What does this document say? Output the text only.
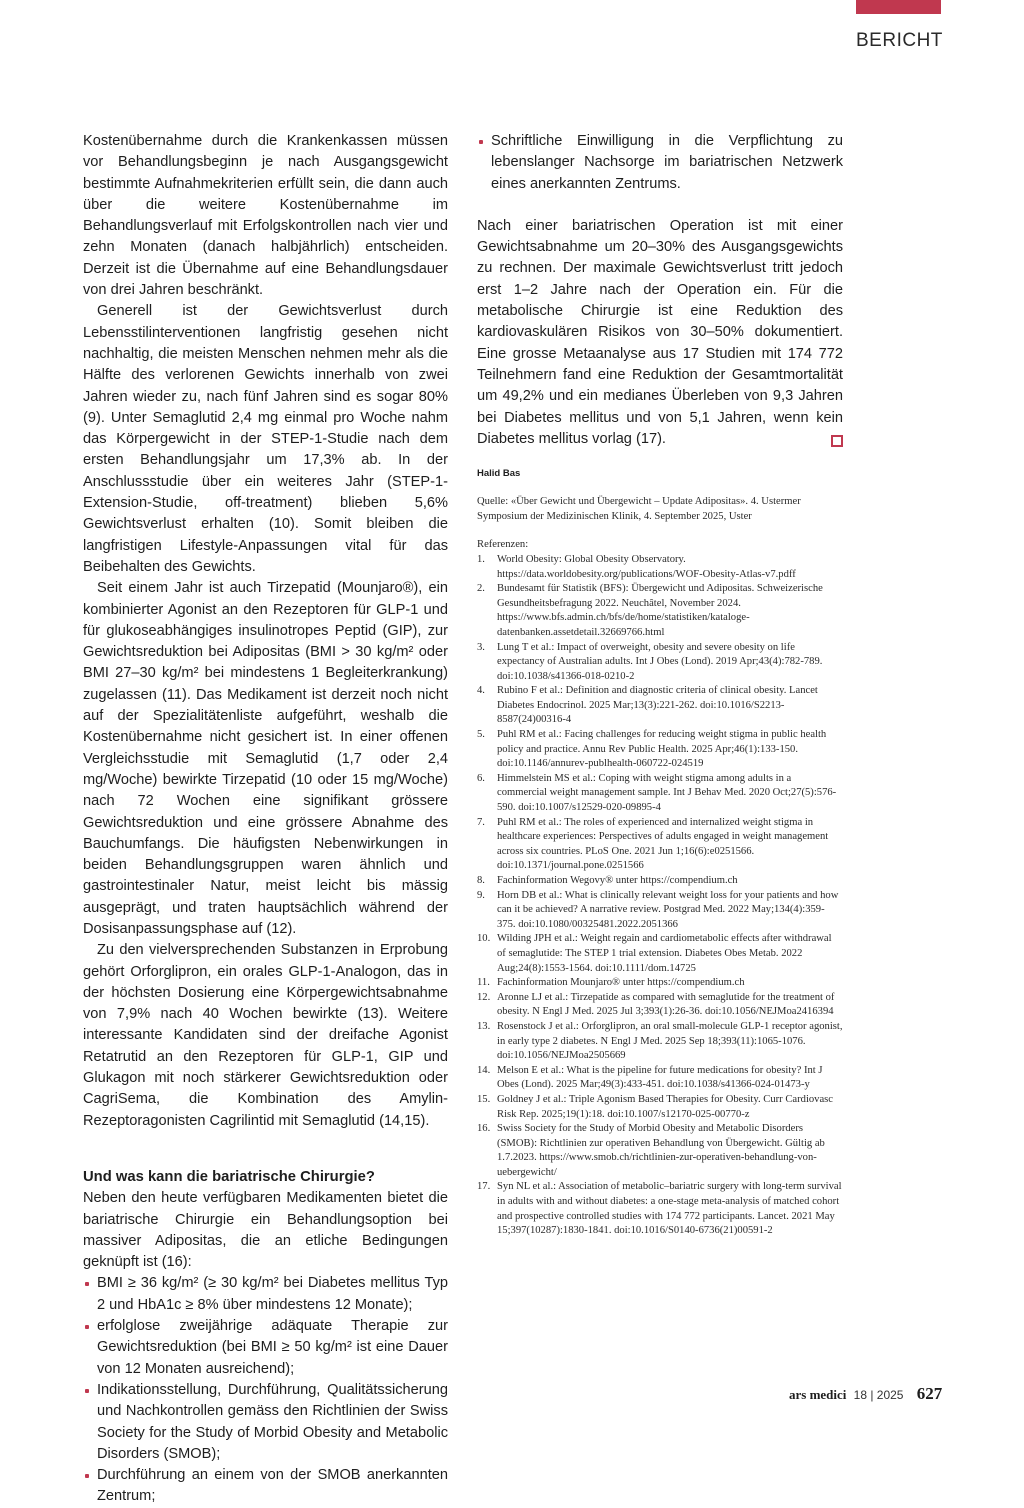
BERICHT

Kostenübernahme durch die Krankenkassen müssen vor Behandlungsbeginn je nach Ausgangsgewicht bestimmte Aufnahmekriterien erfüllt sein, die dann auch über die weitere Kostenübernahme im Behandlungsverlauf mit Erfolgskontrollen nach vier und zehn Monaten (danach halbjährlich) entscheiden. Derzeit ist die Übernahme auf eine Behandlungsdauer von drei Jahren beschränkt.

Generell ist der Gewichtsverlust durch Lebensstilinterventionen langfristig gesehen nicht nachhaltig, die meisten Menschen nehmen mehr als die Hälfte des verlorenen Gewichts innerhalb von zwei Jahren wieder zu, nach fünf Jahren sind es sogar 80% (9). Unter Semaglutid 2,4 mg einmal pro Woche nahm das Körpergewicht in der STEP-1-Studie nach dem ersten Behandlungsjahr um 17,3% ab. In der Anschlussstudie über ein weiteres Jahr (STEP-1-Extension-Studie, off-treatment) blieben 5,6% Gewichtsverlust erhalten (10). Somit bleiben die langfristigen Lifestyle-Anpassungen vital für das Beibehalten des Gewichts.

Seit einem Jahr ist auch Tirzepatid (Mounjaro®), ein kombinierter Agonist an den Rezeptoren für GLP-1 und für glukoseabhängiges insulinotropes Peptid (GIP), zur Gewichtsreduktion bei Adipositas (BMI > 30 kg/m² oder BMI 27–30 kg/m² bei mindestens 1 Begleiterkrankung) zugelassen (11). Das Medikament ist derzeit noch nicht auf der Spezialitätenliste aufgeführt, weshalb die Kostenübernahme nicht gesichert ist. In einer offenen Vergleichsstudie mit Semaglutid (1,7 oder 2,4 mg/Woche) bewirkte Tirzepatid (10 oder 15 mg/Woche) nach 72 Wochen eine signifikant grössere Gewichtsreduktion und eine grössere Abnahme des Bauchumfangs. Die häufigsten Nebenwirkungen in beiden Behandlungsgruppen waren ähnlich und gastrointestinaler Natur, meist leicht bis mässig ausgeprägt, und traten hauptsächlich während der Dosisanpassungsphase auf (12).

Zu den vielversprechenden Substanzen in Erprobung gehört Orforglipron, ein orales GLP-1-Analogon, das in der höchsten Dosierung eine Körpergewichtsabnahme von 7,9% nach 40 Wochen bewirkte (13). Weitere interessante Kandidaten sind der dreifache Agonist Retatrutid an den Rezeptoren für GLP-1, GIP und Glukagon mit noch stärkerer Gewichtsreduktion oder CagriSema, die Kombination des Amylin-Rezeptoragonisten Cagrilintid mit Semaglutid (14,15).

Und was kann die bariatrische Chirurgie?

Neben den heute verfügbaren Medikamenten bietet die bariatrische Chirurgie ein Behandlungsoption bei massiver Adipositas, die an etliche Bedingungen geknüpft ist (16):

BMI ≥ 36 kg/m² (≥ 30 kg/m² bei Diabetes mellitus Typ 2 und HbA1c ≥ 8% über mindestens 12 Monate);
erfolglose zweijährige adäquate Therapie zur Gewichtsreduktion (bei BMI ≥ 50 kg/m² ist eine Dauer von 12 Monaten ausreichend);
Indikationsstellung, Durchführung, Qualitätssicherung und Nachkontrollen gemäss den Richtlinien der Swiss Society for the Study of Morbid Obesity and Metabolic Disorders (SMOB);
Durchführung an einem von der SMOB anerkannten Zentrum;
Schriftliche Einwilligung in die Verpflichtung zu lebenslanger Nachsorge im bariatrischen Netzwerk eines anerkannten Zentrums.

Nach einer bariatrischen Operation ist mit einer Gewichtsabnahme um 20–30% des Ausgangsgewichts zu rechnen. Der maximale Gewichtsverlust tritt jedoch erst 1–2 Jahre nach der Operation ein. Für die metabolische Chirurgie ist eine Reduktion des kardiovaskulären Risikos von 30–50% dokumentiert. Eine grosse Metaanalyse aus 17 Studien mit 174 772 Teilnehmern fand eine Reduktion der Gesamtmortalität um 49,2% und ein medianes Überleben von 9,3 Jahren bei Diabetes mellitus und von 5,1 Jahren, wenn kein Diabetes mellitus vorlag (17).

Halid Bas

Quelle: «Über Gewicht und Übergewicht – Update Adipositas». 4. Ustermer Symposium der Medizinischen Klinik, 4. September 2025, Uster

Referenzen:

1. World Obesity: Global Obesity Observatory. https://data.worldobesity.org/publications/WOF-Obesity-Atlas-v7.pdff
2. Bundesamt für Statistik (BFS): Übergewicht und Adipositas. Schweizerische Gesundheitsbefragung 2022. Neuchâtel, November 2024. https://www.bfs.admin.ch/bfs/de/home/statistiken/kataloge-datenbanken.assetdetail.32669766.html
3. Lung T et al.: Impact of overweight, obesity and severe obesity on life expectancy of Australian adults. Int J Obes (Lond). 2019 Apr;43(4):782-789. doi:10.1038/s41366-018-0210-2
4. Rubino F et al.: Definition and diagnostic criteria of clinical obesity. Lancet Diabetes Endocrinol. 2025 Mar;13(3):221-262. doi:10.1016/S2213-8587(24)00316-4
5. Puhl RM et al.: Facing challenges for reducing weight stigma in public health policy and practice. Annu Rev Public Health. 2025 Apr;46(1):133-150. doi:10.1146/annurev-publhealth-060722-024519
6. Himmelstein MS et al.: Coping with weight stigma among adults in a commercial weight management sample. Int J Behav Med. 2020 Oct;27(5):576-590. doi:10.1007/s12529-020-09895-4
7. Puhl RM et al.: The roles of experienced and internalized weight stigma in healthcare experiences: Perspectives of adults engaged in weight management across six countries. PLoS One. 2021 Jun 1;16(6):e0251566. doi:10.1371/journal.pone.0251566
8. Fachinformation Wegovy® unter https://compendium.ch
9. Horn DB et al.: What is clinically relevant weight loss for your patients and how can it be achieved? A narrative review. Postgrad Med. 2022 May;134(4):359-375. doi:10.1080/00325481.2022.2051366
10. Wilding JPH et al.: Weight regain and cardiometabolic effects after withdrawal of semaglutide: The STEP 1 trial extension. Diabetes Obes Metab. 2022 Aug;24(8):1553-1564. doi:10.1111/dom.14725
11. Fachinformation Mounjaro® unter https://compendium.ch
12. Aronne LJ et al.: Tirzepatide as compared with semaglutide for the treatment of obesity. N Engl J Med. 2025 Jul 3;393(1):26-36. doi:10.1056/NEJMoa2416394
13. Rosenstock J et al.: Orforglipron, an oral small-molecule GLP-1 receptor agonist, in early type 2 diabetes. N Engl J Med. 2025 Sep 18;393(11):1065-1076. doi:10.1056/NEJMoa2505669
14. Melson E et al.: What is the pipeline for future medications for obesity? Int J Obes (Lond). 2025 Mar;49(3):433-451. doi:10.1038/s41366-024-01473-y
15. Goldney J et al.: Triple Agonism Based Therapies for Obesity. Curr Cardiovasc Risk Rep. 2025;19(1):18. doi:10.1007/s12170-025-00770-z
16. Swiss Society for the Study of Morbid Obesity and Metabolic Disorders (SMOB): Richtlinien zur operativen Behandlung von Übergewicht. Gültig ab 1.7.2023. https://www.smob.ch/richtlinien-zur-operativen-behandlung-von-uebergewicht/
17. Syn NL et al.: Association of metabolic–bariatric surgery with long-term survival in adults with and without diabetes: a one-stage meta-analysis of matched cohort and prospective controlled studies with 174 772 participants. Lancet. 2021 May 15;397(10287):1830-1841. doi:10.1016/S0140-6736(21)00591-2
ars medici 18 | 2025 627
